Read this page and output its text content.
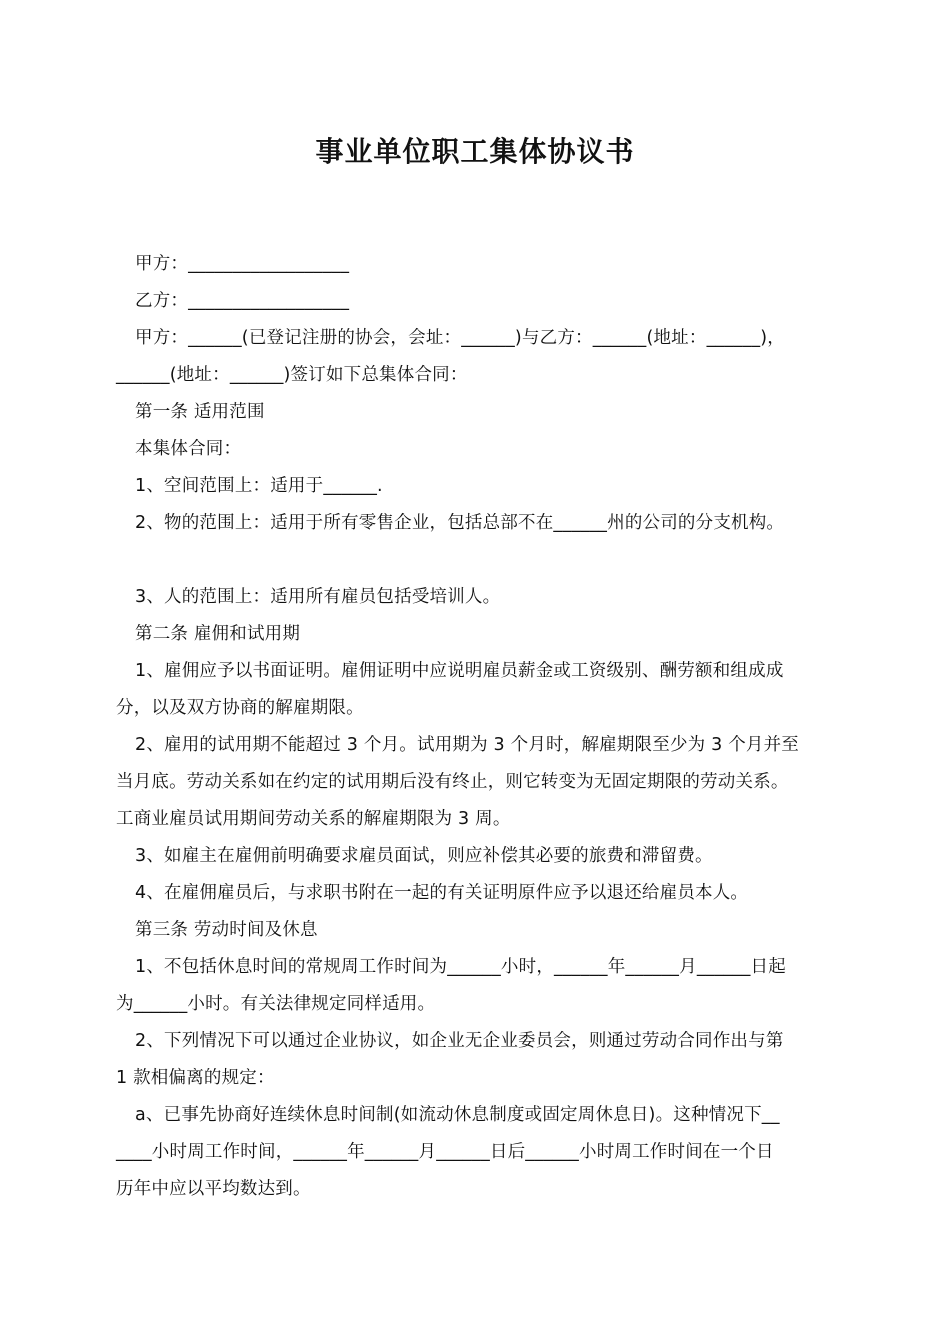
事业单位职工集体协议书
甲方：__________________
乙方：__________________
甲方：______(已登记注册的协会，会址：______)与乙方：______(地址：______)，
______(地址：______)签订如下总集体合同：
第一条 适用范围
本集体合同：
1、空间范围上：适用于______.
2、物的范围上：适用于所有零售企业，包括总部不在______州的公司的分支机构。
3、人的范围上：适用所有雇员包括受培训人。
第二条 雇佣和试用期
1、雇佣应予以书面证明。雇佣证明中应说明雇员薪金或工资级别、酬劳额和组成成
分，以及双方协商的解雇期限。
2、雇用的试用期不能超过 3 个月。试用期为 3 个月时，解雇期限至少为 3 个月并至
当月底。劳动关系如在约定的试用期后没有终止，则它转变为无固定期限的劳动关系。
工商业雇员试用期间劳动关系的解雇期限为 3 周。
3、如雇主在雇佣前明确要求雇员面试，则应补偿其必要的旅费和滞留费。
4、在雇佣雇员后，与求职书附在一起的有关证明原件应予以退还给雇员本人。
第三条 劳动时间及休息
1、不包括休息时间的常规周工作时间为______小时，______年______月______日起
为______小时。有关法律规定同样适用。
2、下列情况下可以通过企业协议，如企业无企业委员会，则通过劳动合同作出与第
1 款相偏离的规定：
a、已事先协商好连续休息时间制(如流动休息制度或固定周休息日)。这种情况下__
____小时周工作时间，______年______月______日后______小时周工作时间在一个日
历年中应以平均数达到。
